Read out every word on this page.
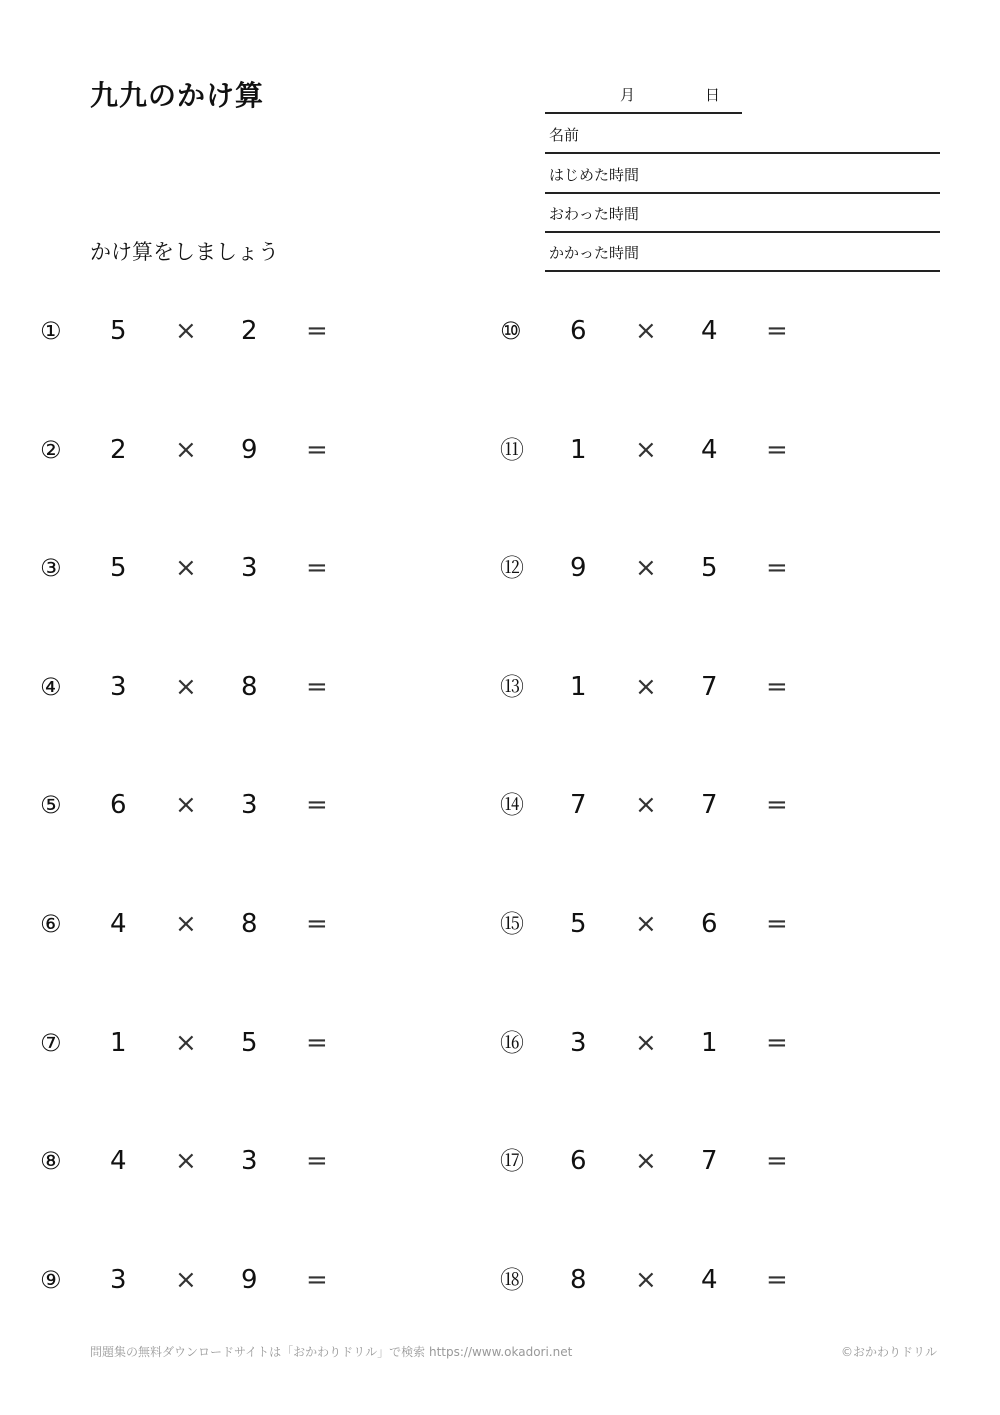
九九のかけ算
かけ算をしましょう
月	日
名前
はじめた時間
おわった時間
かかった時間
① 5 × 2 =
② 2 × 9 =
③ 5 × 3 =
④ 3 × 8 =
⑤ 6 × 3 =
⑥ 4 × 8 =
⑦ 1 × 5 =
⑧ 4 × 3 =
⑨ 3 × 9 =
⑩ 6 × 4 =
⑪ 1 × 4 =
⑫ 9 × 5 =
⑬ 1 × 7 =
⑭ 7 × 7 =
⑮ 5 × 6 =
⑯ 3 × 1 =
⑰ 6 × 7 =
⑱ 8 × 4 =
問題集の無料ダウンロードサイトは「おかわりドリル」で検索 https://www.okadori.net	©おかわりドリル
